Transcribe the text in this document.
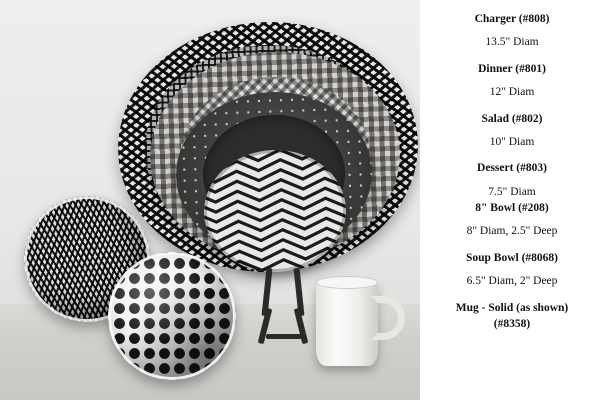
Charger (#808)
13.5" Diam
Dinner (#801)
12" Diam
Salad (#802)
10" Diam
Dessert (#803)
7.5" Diam
8" Bowl (#208)
8" Diam, 2.5" Deep
Soup Bowl (#8068)
6.5" Diam, 2" Deep
Mug - Solid (as shown)
(#8358)
